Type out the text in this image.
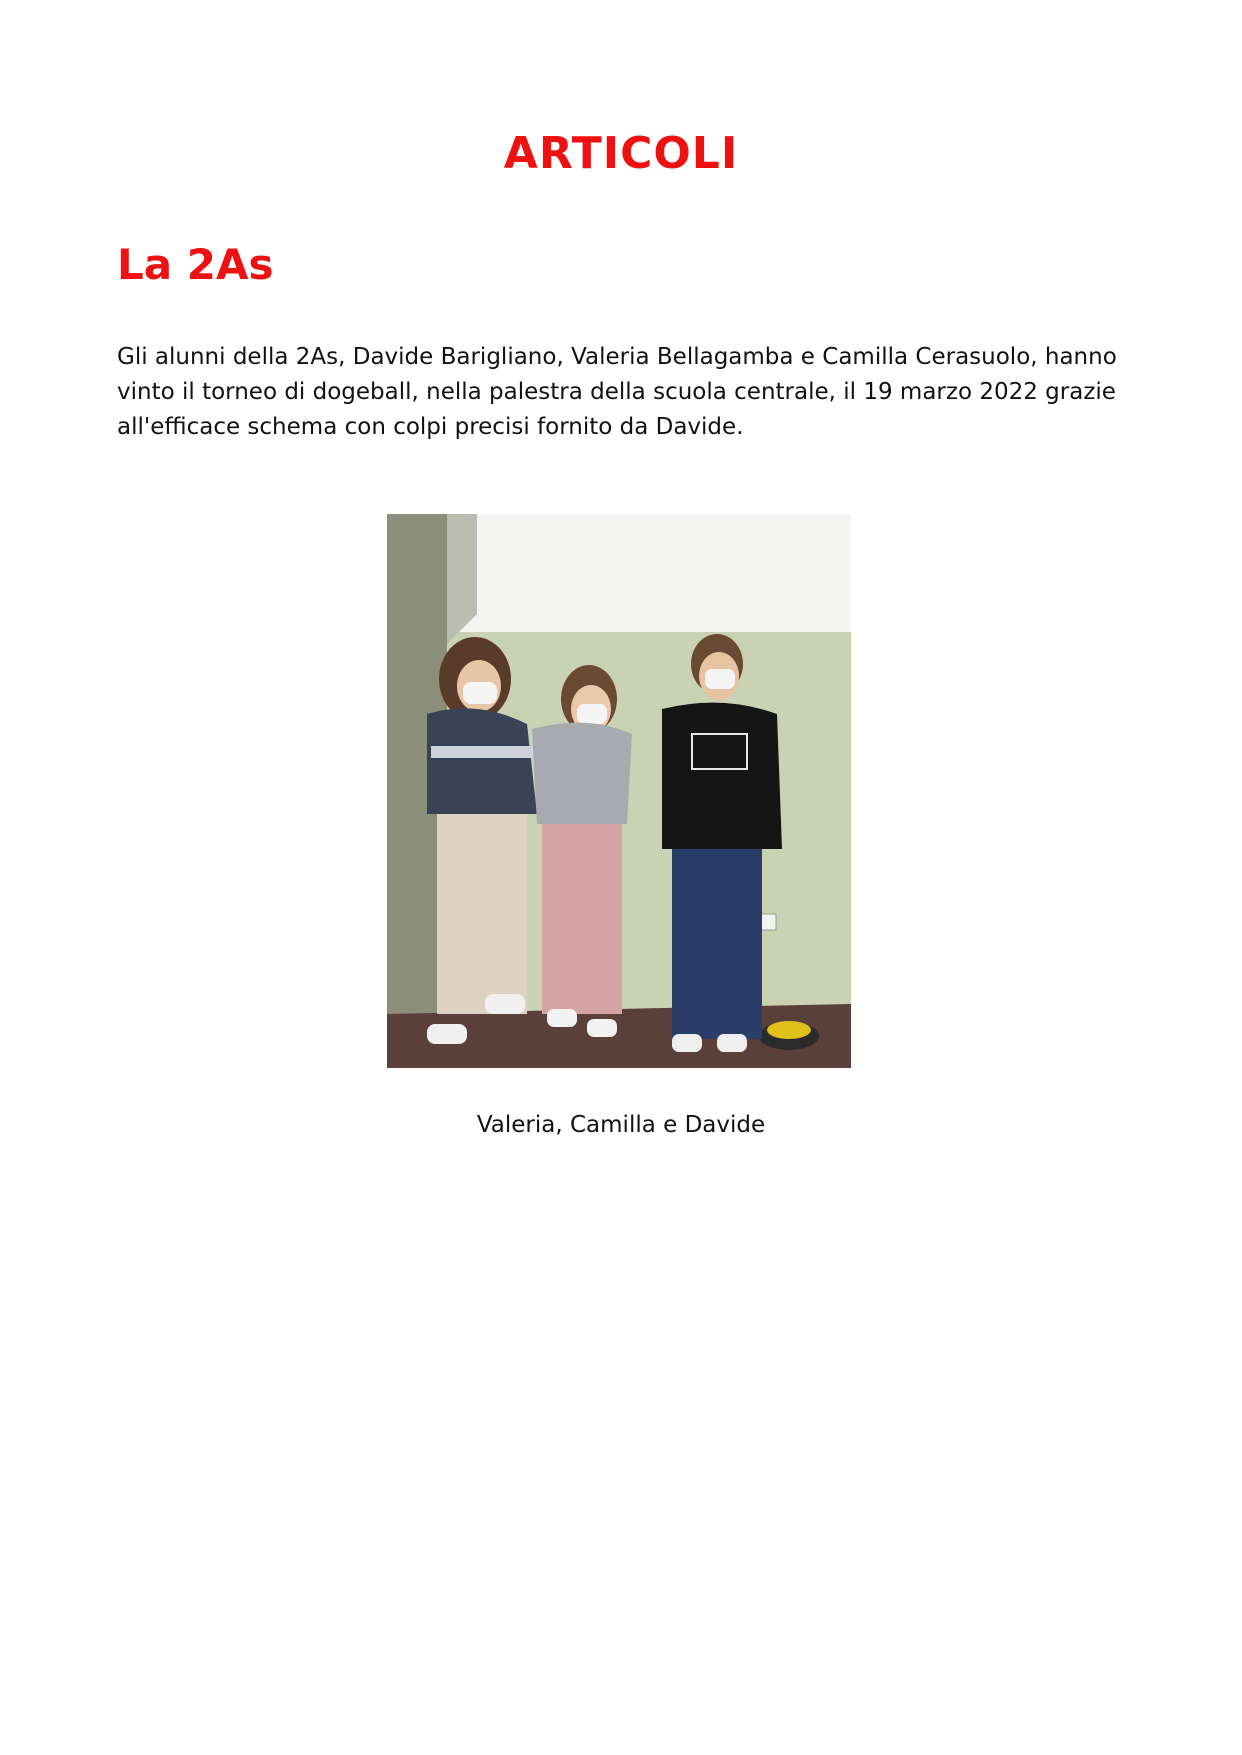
ARTICOLI
La 2As

Gli alunni della 2As, Davide Barigliano, Valeria Bellagamba e Camilla Cerasuolo, hanno vinto il torneo di dogeball, nella palestra della scuola centrale, il 19 marzo 2022 grazie all'efficace schema con colpi precisi fornito da Davide.

Valeria, Camilla e Davide
